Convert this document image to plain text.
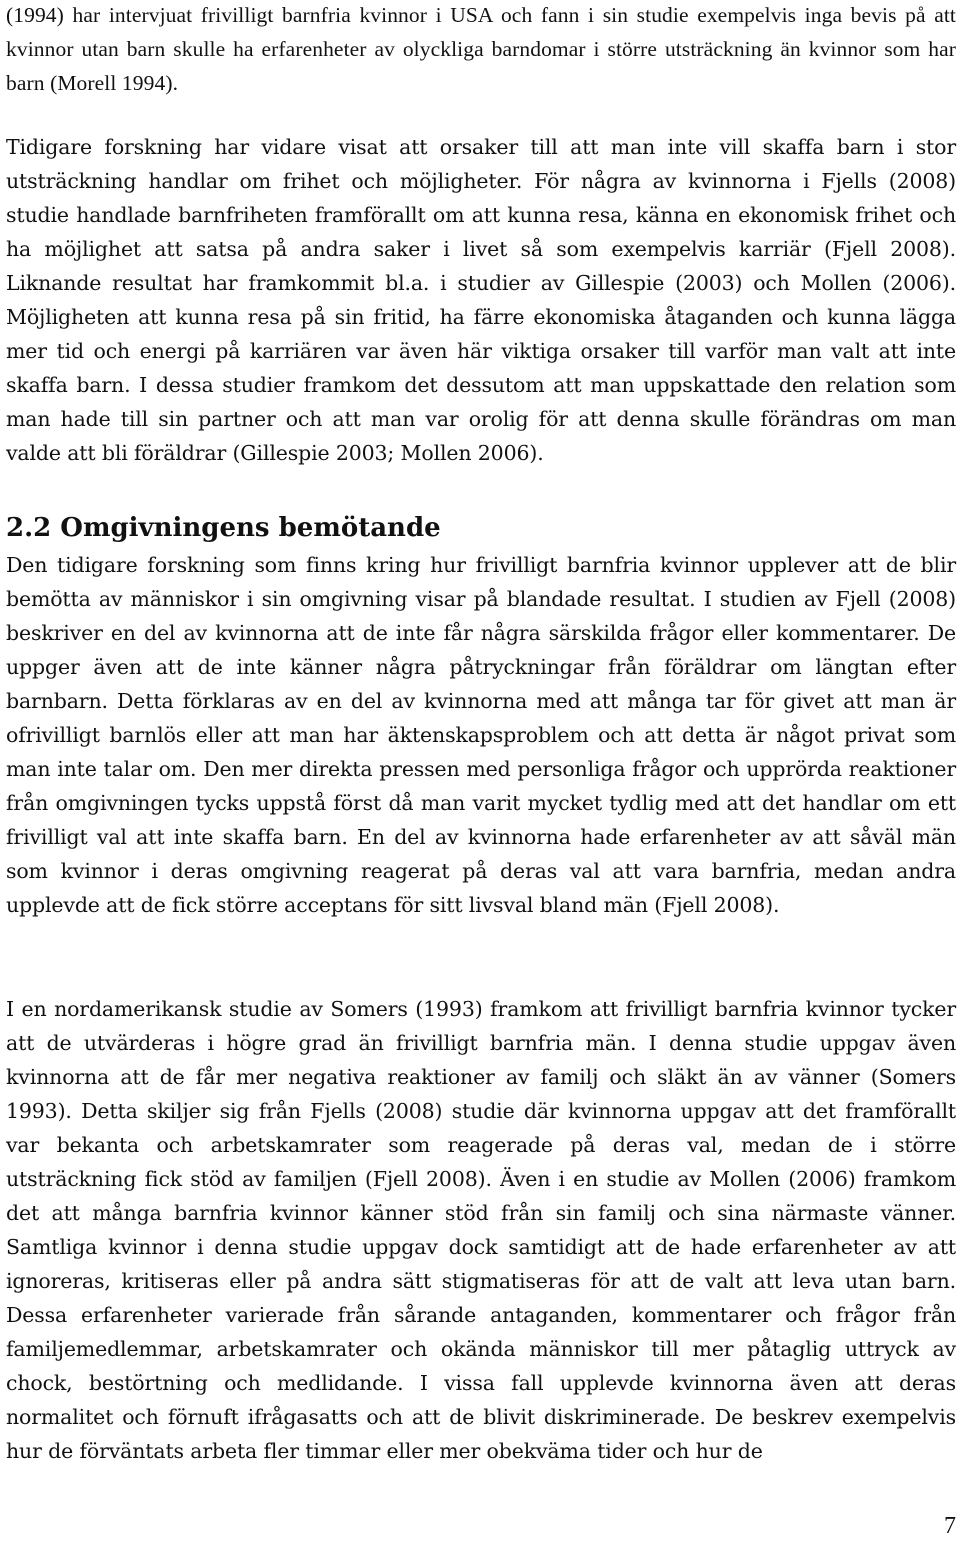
(1994) har intervjuat frivilligt barnfria kvinnor i USA och fann i sin studie exempelvis inga bevis på att kvinnor utan barn skulle ha erfarenheter av olyckliga barndomar i större utsträckning än kvinnor som har barn (Morell 1994).

Tidigare forskning har vidare visat att orsaker till att man inte vill skaffa barn i stor utsträckning handlar om frihet och möjligheter. För några av kvinnorna i Fjells (2008) studie handlade barnfriheten framförallt om att kunna resa, känna en ekonomisk frihet och ha möjlighet att satsa på andra saker i livet så som exempelvis karriär (Fjell 2008). Liknande resultat har framkommit bl.a. i studier av Gillespie (2003) och Mollen (2006). Möjligheten att kunna resa på sin fritid, ha färre ekonomiska åtaganden och kunna lägga mer tid och energi på karriären var även här viktiga orsaker till varför man valt att inte skaffa barn. I dessa studier framkom det dessutom att man uppskattade den relation som man hade till sin partner och att man var orolig för att denna skulle förändras om man valde att bli föräldrar (Gillespie 2003; Mollen 2006).

2.2 Omgivningens bemötande

Den tidigare forskning som finns kring hur frivilligt barnfria kvinnor upplever att de blir bemötta av människor i sin omgivning visar på blandade resultat. I studien av Fjell (2008) beskriver en del av kvinnorna att de inte får några särskilda frågor eller kommentarer. De uppger även att de inte känner några påtryckningar från föräldrar om längtan efter barnbarn. Detta förklaras av en del av kvinnorna med att många tar för givet att man är ofrivilligt barnlös eller att man har äktenskapsproblem och att detta är något privat som man inte talar om. Den mer direkta pressen med personliga frågor och upprörda reaktioner från omgivningen tycks uppstå först då man varit mycket tydlig med att det handlar om ett frivilligt val att inte skaffa barn. En del av kvinnorna hade erfarenheter av att såväl män som kvinnor i deras omgivning reagerat på deras val att vara barnfria, medan andra upplevde att de fick större acceptans för sitt livsval bland män (Fjell 2008).

I en nordamerikansk studie av Somers (1993) framkom att frivilligt barnfria kvinnor tycker att de utvärderas i högre grad än frivilligt barnfria män. I denna studie uppgav även kvinnorna att de får mer negativa reaktioner av familj och släkt än av vänner (Somers 1993). Detta skiljer sig från Fjells (2008) studie där kvinnorna uppgav att det framförallt var bekanta och arbetskamrater som reagerade på deras val, medan de i större utsträckning fick stöd av familjen (Fjell 2008). Även i en studie av Mollen (2006) framkom det att många barnfria kvinnor känner stöd från sin familj och sina närmaste vänner. Samtliga kvinnor i denna studie uppgav dock samtidigt att de hade erfarenheter av att ignoreras, kritiseras eller på andra sätt stigmatiseras för att de valt att leva utan barn. Dessa erfarenheter varierade från sårande antaganden, kommentarer och frågor från familjemedlemmar, arbetskamrater och okända människor till mer påtaglig uttryck av chock, bestörtning och medlidande. I vissa fall upplevde kvinnorna även att deras normalitet och förnuft ifrågasatts och att de blivit diskriminerade. De beskrev exempelvis hur de förväntats arbeta fler timmar eller mer obekväma tider och hur de

7
